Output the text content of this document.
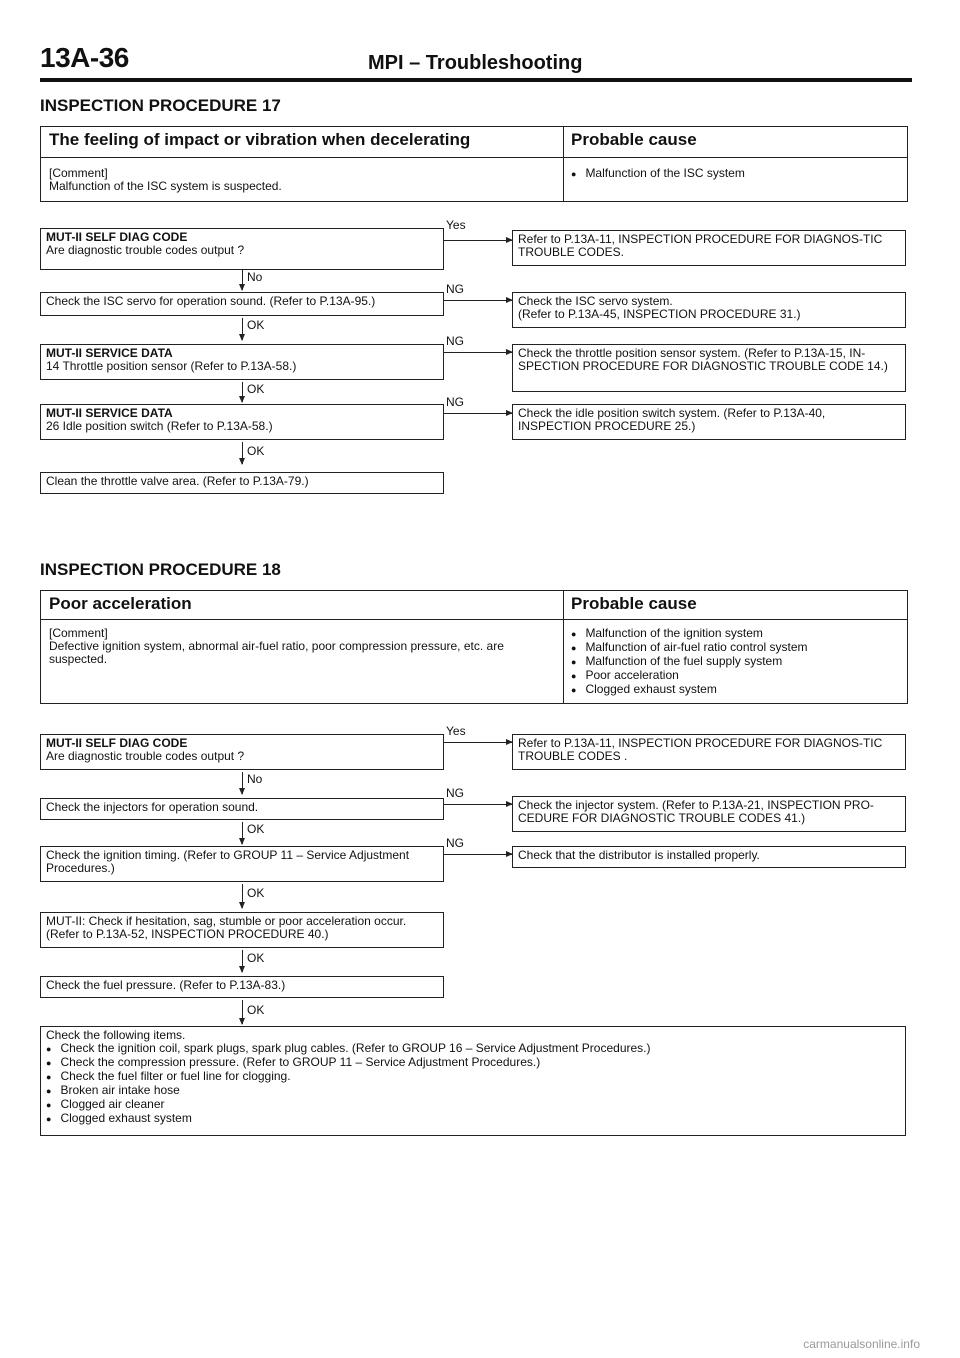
13A-36	MPI – Troubleshooting
INSPECTION PROCEDURE 17
The feeling of impact or vibration when decelerating	Probable cause
[Comment]
Malfunction of the ISC system is suspected.
● Malfunction of the ISC system
MUT-II SELF DIAG CODE
Are diagnostic trouble codes output ?
Yes
Refer to P.13A-11, INSPECTION PROCEDURE FOR DIAGNOS-TIC TROUBLE CODES.
No
Check the ISC servo for operation sound. (Refer to P.13A-95.)
NG
Check the ISC servo system.
(Refer to P.13A-45, INSPECTION PROCEDURE 31.)
OK
MUT-II SERVICE DATA
14 Throttle position sensor (Refer to P.13A-58.)
NG
Check the throttle position sensor system. (Refer to P.13A-15, IN-SPECTION PROCEDURE FOR DIAGNOSTIC TROUBLE CODE 14.)
OK
MUT-II SERVICE DATA
26 Idle position switch (Refer to P.13A-58.)
NG
Check the idle position switch system. (Refer to P.13A-40, INSPECTION PROCEDURE 25.)
OK
Clean the throttle valve area. (Refer to P.13A-79.)
INSPECTION PROCEDURE 18
Poor acceleration	Probable cause
[Comment]
Defective ignition system, abnormal air-fuel ratio, poor compression pressure, etc. are suspected.
● Malfunction of the ignition system
● Malfunction of air-fuel ratio control system
● Malfunction of the fuel supply system
● Poor acceleration
● Clogged exhaust system
MUT-II SELF DIAG CODE
Are diagnostic trouble codes output ?
Yes
Refer to P.13A-11, INSPECTION PROCEDURE FOR DIAGNOS-TIC TROUBLE CODES .
No
Check the injectors for operation sound.
NG
Check the injector system. (Refer to P.13A-21, INSPECTION PRO-CEDURE FOR DIAGNOSTIC TROUBLE CODES 41.)
OK
Check the ignition timing. (Refer to GROUP 11 – Service Adjustment Procedures.)
NG
Check that the distributor is installed properly.
OK
MUT-II: Check if hesitation, sag, stumble or poor acceleration occur. (Refer to P.13A-52, INSPECTION PROCEDURE 40.)
OK
Check the fuel pressure. (Refer to P.13A-83.)
OK
Check the following items.
● Check the ignition coil, spark plugs, spark plug cables. (Refer to GROUP 16 – Service Adjustment Procedures.)
● Check the compression pressure. (Refer to GROUP 11 – Service Adjustment Procedures.)
● Check the fuel filter or fuel line for clogging.
● Broken air intake hose
● Clogged air cleaner
● Clogged exhaust system
carmanualsonline.info
